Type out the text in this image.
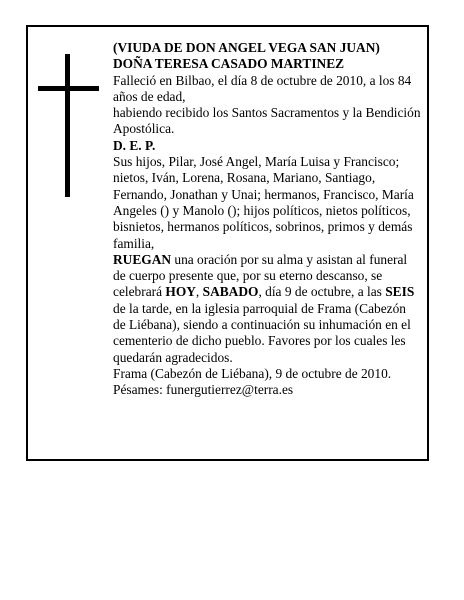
(VIUDA DE DON ANGEL VEGA SAN JUAN)

DOÑA TERESA CASADO MARTINEZ

Falleció en Bilbao, el día 8 de octubre de 2010, a los 84 años de edad,

habiendo recibido los Santos Sacramentos y la Bendición Apostólica.

D. E. P.

Sus hijos, Pilar, José Angel, María Luisa y Francisco; nietos, Iván, Lorena, Rosana, Mariano, Santiago, Fernando, Jonathan y Unai; hermanos, Francisco, María Angeles () y Manolo (); hijos políticos, nietos políticos, bisnietos, hermanos políticos, sobrinos, primos y demás familia,

RUEGAN una oración por su alma y asistan al funeral de cuerpo presente que, por su eterno descanso, se celebrará HOY, SABADO, día 9 de octubre, a las SEIS de la tarde, en la iglesia parroquial de Frama (Cabezón de Liébana), siendo a continuación su inhumación en el cementerio de dicho pueblo. Favores por los cuales les quedarán agradecidos.

Frama (Cabezón de Liébana), 9 de octubre de 2010.

Pésames: funergutierrez@terra.es
